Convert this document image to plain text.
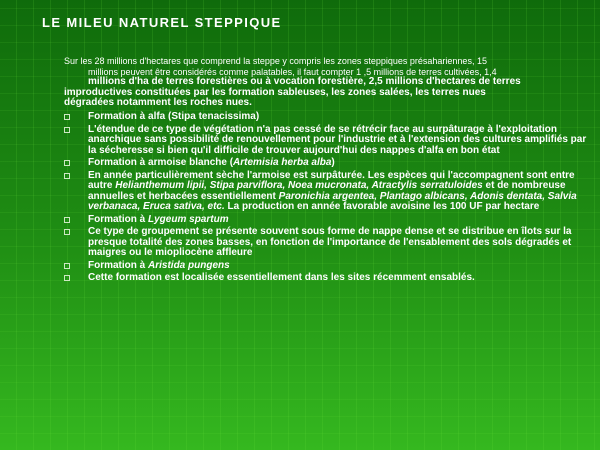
LE MILEU NATUREL STEPPIQUE
Sur les 28 millions d'hectares que comprend la steppe y compris les zones steppiques présahariennes, 15
millions peuvent être considérés comme palatables, il faut compter 1 ,5 millions de terres cultivées, 1,4
millions d'ha de terres forestières ou à vocation forestière, 2,5 millions d'hectares de terres
improductives constituées par les formation sableuses, les zones salées, les terres nues
dégradées notamment les roches nues.
Formation à alfa (Stipa tenacissima)
L'étendue de ce type de végétation n'a pas cessé de se rétrécir face au surpâturage à l'exploitation anarchique sans possibilité de renouvellement pour l'industrie et à l'extension des cultures amplifiés par la sécheresse si bien qu'il difficile de trouver aujourd'hui des nappes d'alfa en bon état
Formation à armoise blanche (Artemisia herba alba)
En année particulièrement sèche l'armoise est surpâturée. Les espèces qui l'accompagnent sont entre autre Helianthemum lipii, Stipa parviflora, Noea mucronata, Atractylis serratuloides et de nombreuse annuelles et herbacées essentiellement Paronichia argentea, Plantago albicans, Adonis dentata, Salvia verbanaca, Eruca sativa, etc. La production en année favorable avoisine les 100 UF par hectare
Formation à Lygeum spartum
Ce type de groupement se présente souvent sous forme de nappe dense et se distribue en îlots sur la presque totalité des zones basses, en fonction de l'importance de l'ensablement des sols dégradés et maigres ou le miopliocène affleure
Formation à Aristida pungens
Cette formation est localisée essentiellement dans les sites récemment ensablés.
